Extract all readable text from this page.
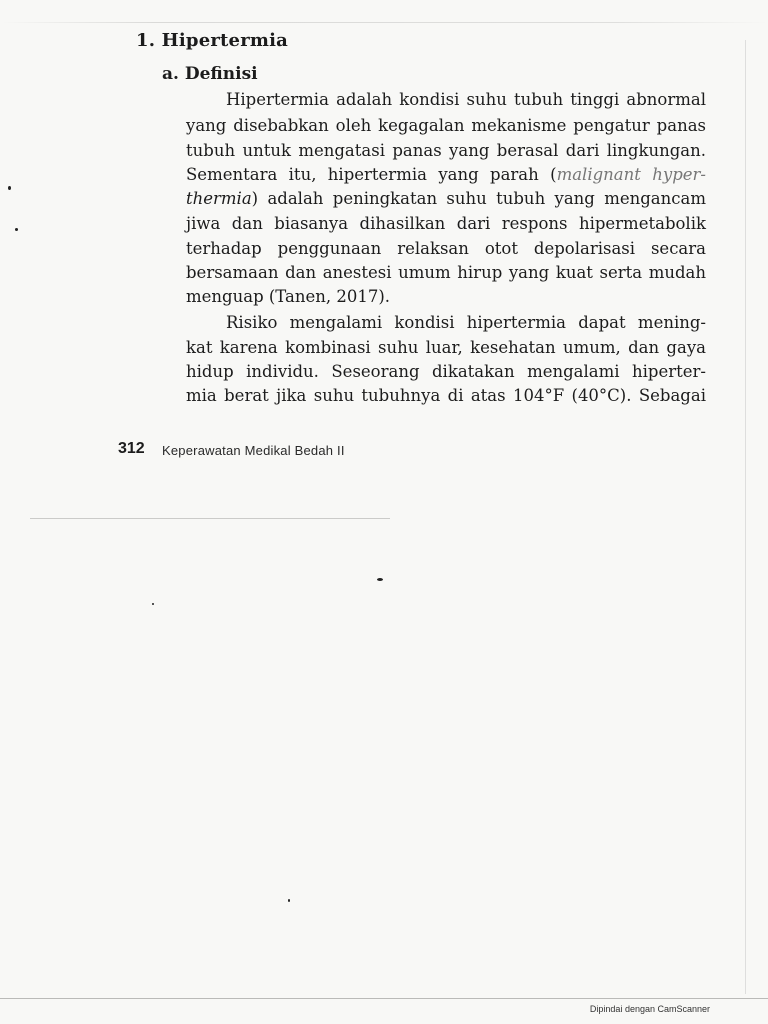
1. Hipertermia
a. Definisi
Hipertermia adalah kondisi suhu tubuh tinggi abnormal
yang disebabkan oleh kegagalan mekanisme pengatur panas
tubuh untuk mengatasi panas yang berasal dari lingkungan.
Sementara itu, hipertermia yang parah (malignant hyper-
thermia) adalah peningkatan suhu tubuh yang mengancam
jiwa dan biasanya dihasilkan dari respons hipermetabolik
terhadap penggunaan relaksan otot depolarisasi secara
bersamaan dan anestesi umum hirup yang kuat serta mudah
menguap (Tanen, 2017).
Risiko mengalami kondisi hipertermia dapat mening-
kat karena kombinasi suhu luar, kesehatan umum, dan gaya
hidup individu. Seseorang dikatakan mengalami hiperter-
mia berat jika suhu tubuhnya di atas 104°F (40°C). Sebagai
312 Keperawatan Medikal Bedah II
Dipindai dengan CamScanner
